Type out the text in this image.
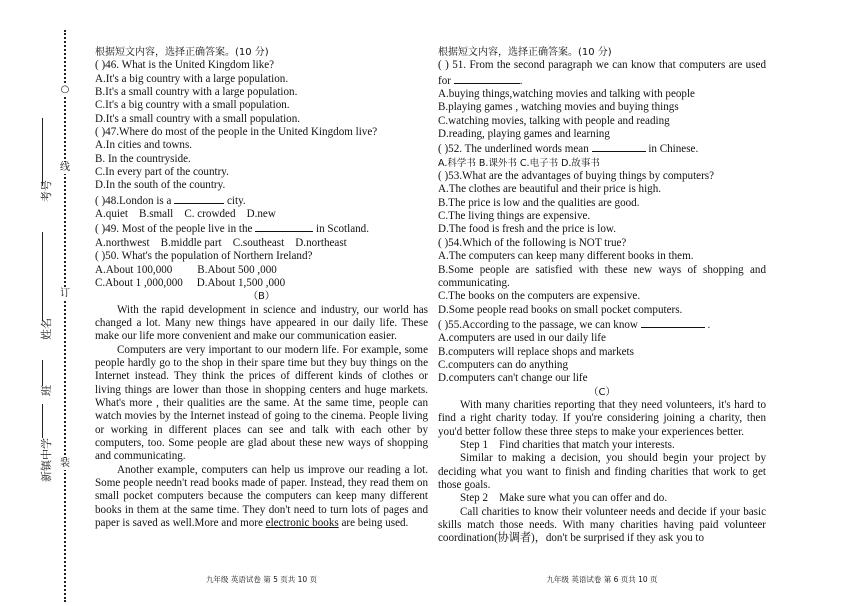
○
线
订
装
考号
姓名
班
新镇中学

根据短文内容，选择正确答案。(10 分)

( )46. What is the United Kingdom like?

A.It's a big country with a large population.

B.It's a small country with a large population.

C.It's a big country with a small population.

D.It's a small country with a small population.

( )47.Where do most of the people in the United Kingdom live?

A.In cities and towns.

B. In the countryside.

C.In every part of the country.

D.In the south of the country.

( )48.London is a	city.

A.quiet    B.small    C. crowded    D.new

( )49. Most of the people live in the	in Scotland.

A.northwest    B.middle part    C.southeast    D.northeast

( )50. What's the population of Northern Ireland?

A.About 100,000         B.About 500 ,000

C.About 1 ,000,000     D.About 1,500 ,000

（B）

With the rapid development in science and industry, our world has changed a lot. Many new things have appeared in our daily life. These make our life more convenient and make our communication easier.

Computers are very important to our modern life. For example, some people hardly go to the shop in their spare time but they buy things on the Internet instead. They think the prices of different kinds of clothes or living things are lower than those in shopping centers and huge markets. What's more , their qualities are the same. At the same time, people can watch movies by the Internet instead of going to the cinema. People living or working in different places can see and talk with each other by computers, too. Some people are glad about these new ways of shopping and communicating.

Another example, computers can help us improve our reading a lot. Some people needn't read books made of paper. Instead, they read them on small pocket computers because the computers can keep many different books in them at the same time. They don't need to turn lots of pages and paper is saved as well.More and more electronic books are being used.

九年级 英语试卷 第 5 页共 10 页

根据短文内容，选择正确答案。(10 分)

( ) 51. From the second paragraph we can know that computers are used for	.

A.buying things,watching movies and talking with people

B.playing games , watching movies and buying things

C.watching movies, talking with people and reading

D.reading, playing games and learning

( )52. The underlined words mean	in Chinese.

A.科学书 B.课外书 C.电子书 D.故事书

( )53.What are the advantages of buying things by computers?

A.The clothes are beautiful and their price is high.

B.The price is low and the qualities are good.

C.The living things are expensive.

D.The food is fresh and the price is low.

( )54.Which of the following is NOT true?

A.The computers can keep many different books in them.

B.Some people are satisfied with these new ways of shopping and communicating.

C.The books on the computers are expensive.

D.Some people read books on small pocket computers.

( )55.According to the passage, we can know	.

A.computers are used in our daily life

B.computers will replace shops and markets

C.computers can do anything

D.computers can't change our life

（C）

With many charities reporting that they need volunteers, it's hard to find a right charity today. If you're considering joining a charity, then you'd better follow these three steps to make your experiences better.

Step 1    Find charities that match your interests.

Similar to making a decision, you should begin your project by deciding what you want to finish and finding charities that work to get those goals.

Step 2    Make sure what you can offer and do.

Call charities to know their volunteer needs and decide if your basic skills match those needs. With many charities having paid volunteer coordination(协调者)，don't be surprised if they ask you to

九年级 英语试卷 第 6 页共 10 页
